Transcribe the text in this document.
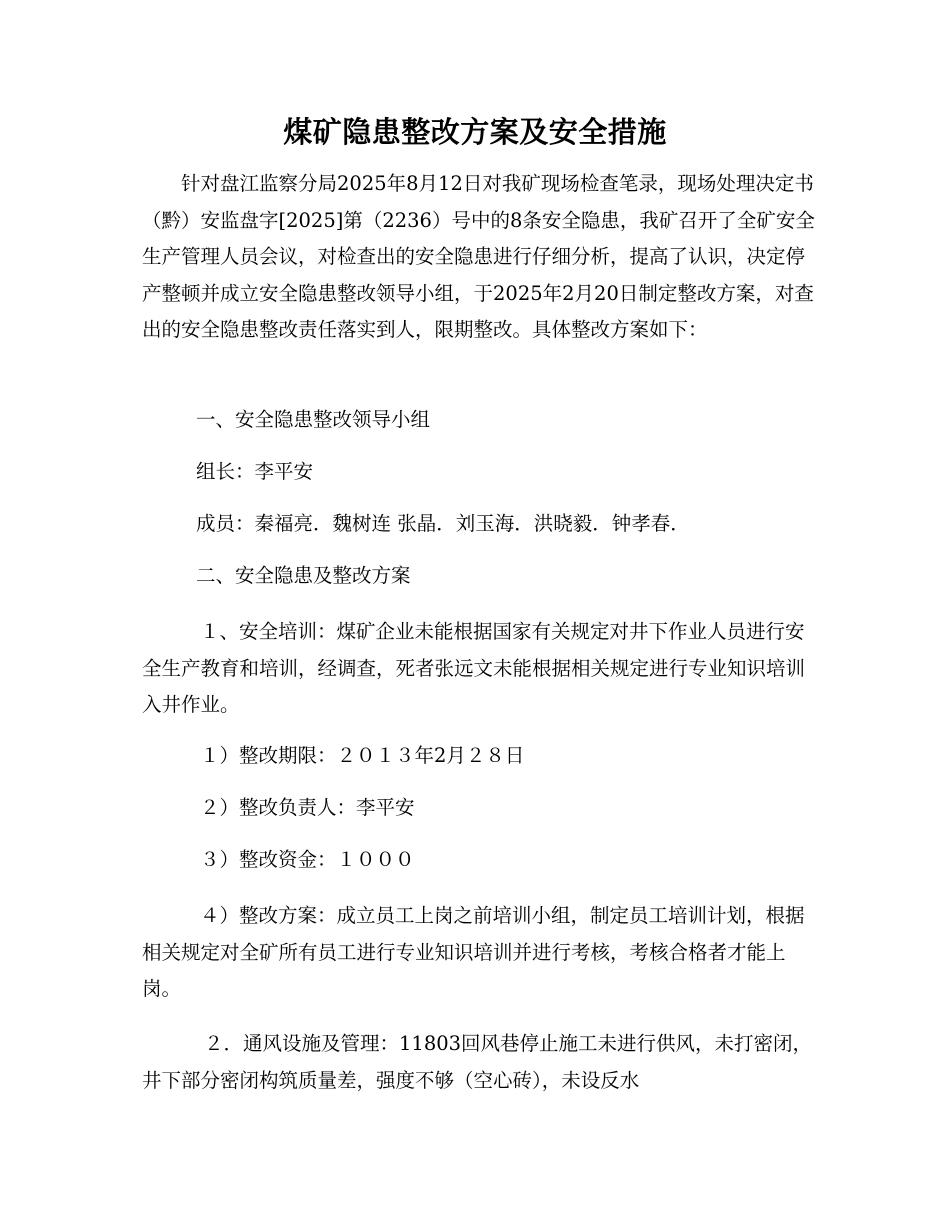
煤矿隐患整改方案及安全措施

针对盘江监察分局2025年8月12日对我矿现场检查笔录，现场处理决定书（黔）安监盘字[2025]第（2236）号中的8条安全隐患，我矿召开了全矿安全生产管理人员会议，对检查出的安全隐患进行仔细分析，提高了认识，决定停产整顿并成立安全隐患整改领导小组，于2025年2月20日制定整改方案，对查出的安全隐患整改责任落实到人，限期整改。具体整改方案如下：

一、安全隐患整改领导小组

组长：李平安

成员：秦福亮．魏树连 张晶．刘玉海．洪晓毅．钟孝春．

二、安全隐患及整改方案

１、安全培训：煤矿企业未能根据国家有关规定对井下作业人员进行安全生产教育和培训，经调查，死者张远文未能根据相关规定进行专业知识培训入井作业。

１）整改期限：２０１３年2月２８日

２）整改负责人：李平安

３）整改资金：１０００

４）整改方案：成立员工上岗之前培训小组，制定员工培训计划，根据相关规定对全矿所有员工进行专业知识培训并进行考核，考核合格者才能上岗。

２．通风设施及管理：11803回风巷停止施工未进行供风，未打密闭，井下部分密闭构筑质量差，强度不够（空心砖），未设反水
